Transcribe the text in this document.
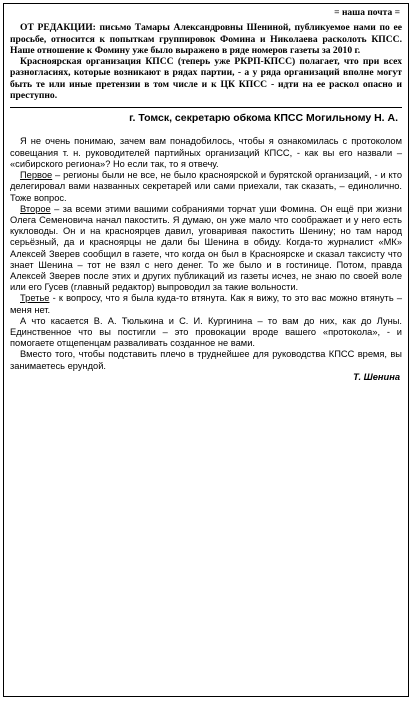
= наша почта =

ОТ РЕДАКЦИИ: письмо Тамары Александровны Шениной, публикуемое нами по ее просьбе, относится к попыткам группировок Фомина и Николаева расколоть КПСС. Наше отношение к Фомину уже было выражено в ряде номеров газеты за 2010 г.

Красноярская организация КПСС (теперь уже РКРП-КПСС) полагает, что при всех разногласиях, которые возникают в рядах партии, - а у ряда организаций вполне могут быть те или иные претензии в том числе и к ЦК КПСС - идти на ее раскол опасно и преступно.

г. Томск, секретарю обкома КПСС Могильному Н. А.

Я не очень понимаю, зачем вам понадобилось, чтобы я ознакомилась с протоколом совещания т. н. руководителей партийных организаций КПСС, - как вы его назвали – «сибирского региона»? Но если так, то я отвечу.

Первое – регионы были не все, не было красноярской и бурятской организаций, - и кто делегировал вами названных секретарей или сами приехали, так сказать, – единолично. Тоже вопрос.

Второе – за всеми этими вашими собраниями торчат уши Фомина. Он ещё при жизни Олега Семеновича начал пакостить. Я думаю, он уже мало что соображает и у него есть кукловоды. Он и на красноярцев давил, уговаривая пакостить Шенину; но там народ серьёзный, да и красноярцы не дали бы Шенина в обиду. Когда-то журналист «МК» Алексей Зверев сообщил в газете, что когда он был в Красноярске и сказал таксисту что знает Шенина – тот не взял с него денег. То же было и в гостинице. Потом, правда Алексей Зверев после этих и других публикаций из газеты исчез, не знаю по своей воле или его Гусев (главный редактор) выпроводил за такие вольности.

Третье - к вопросу, что я была куда-то втянута. Как я вижу, то это вас можно втянуть – меня нет.

А что касается В. А. Тюлькина и С. И. Кургинина – то вам до них, как до Луны. Единственное что вы постигли – это провокации вроде вашего «протокола», - и помогаете отщепенцам разваливать созданное не вами.

Вместо того, чтобы подставить плечо в труднейшее для руководства КПСС время, вы занимаетесь ерундой.

Т. Шенина
